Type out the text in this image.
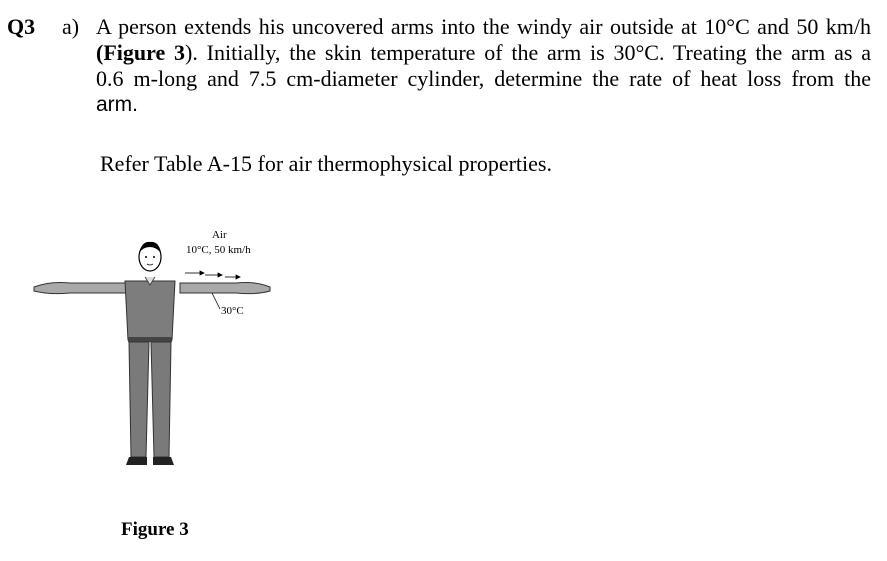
Q3 a) A person extends his uncovered arms into the windy air outside at 10°C and 50 km/h
(Figure 3). Initially, the skin temperature of the arm is 30°C. Treating the arm as a
0.6 m-long and 7.5 cm-diameter cylinder, determine the rate of heat loss from the
arm.
Refer Table A-15 for air thermophysical properties.
Air
10°C, 50 km/h
30°C
Figure 3
